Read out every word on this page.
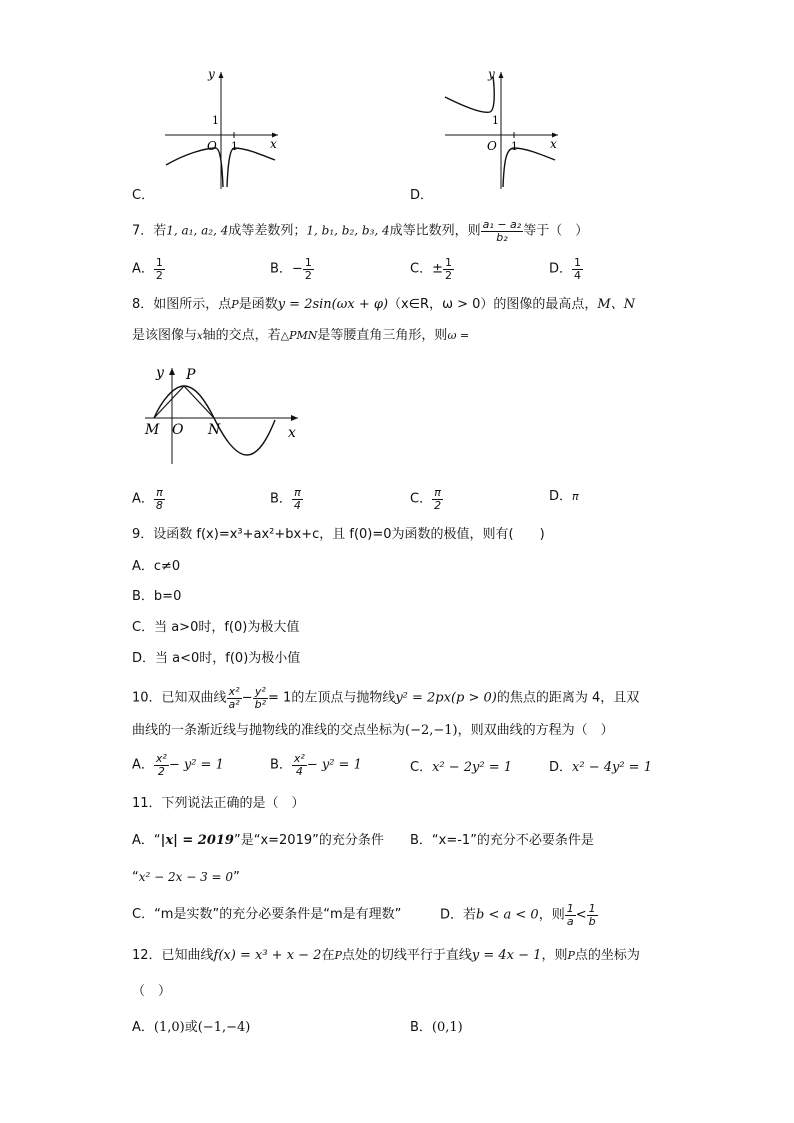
y
x
O 1
1
C．
y
x
O 1
1
D．
7．若1, a₁, a₂, 4成等差数列；1, b₁, b₂, b₃, 4成等比数列，则 $\frac{\text{a₁ − a₂}}{\text{b₂}}$ 等于（　）
A． $\frac{1}{2}$	B．− $\frac{1}{2}$	C．± $\frac{1}{2}$	D． $\frac{1}{4}$
8．如图所示，点P是函数y = 2sin(ωx + φ)（x∈R，ω > 0）的图像的最高点，M、N
是该图像与x轴的交点，若△PMN是等腰直角三角形，则ω =
y P
M O N	x
A． $\frac{\pi}{8}$	B． $\frac{\pi}{4}$	C． $\frac{\pi}{2}$	D．π
9．设函数 f(x)=x³+ax²+bx+c，且 f(0)=0为函数的极值，则有(　　)
A．c≠0
B．b=0
C．当 a>0时，f(0)为极大值
D．当 a<0时，f(0)为极小值
10．已知双曲线 $\frac{\text{x²}}{\text{a²}} - \frac{\text{y²}}{\text{b²}} = 1$的左顶点与抛物线y² = 2px(p > 0)的焦点的距离为 4，且双
曲线的一条渐近线与抛物线的准线的交点坐标为(−2,−1)，则双曲线的方程为（　）
A． $\frac{\text{x²}}{2} - y^2 = 1$	B． $\frac{\text{x²}}{4} - y^2 = 1$	C．x² − 2y² = 1	D．x² − 4y² = 1
11．下列说法正确的是（　）
A．“|x| = 2019”是“x=2019”的充分条件 B．“x=-1”的充分不必要条件是
“x² − 2x − 3 = 0”
C．“m是实数”的充分必要条件是“m是有理数”	D．若b < a < 0，则 $\frac{1}{a} < \frac{1}{b}$
12．已知曲线f(x) = x³ + x − 2在P点处的切线平行于直线y = 4x − 1，则P点的坐标为
（　）
A．(1,0)或(−1,−4)	B．(0,1)
